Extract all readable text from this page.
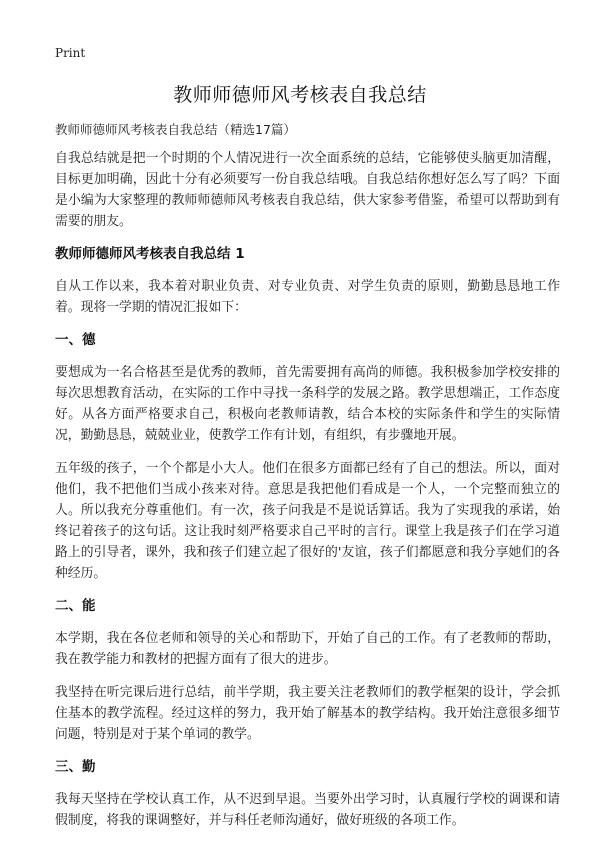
Print
教师师德师风考核表自我总结
教师师德师风考核表自我总结（精选17篇）

自我总结就是把一个时期的个人情况进行一次全面系统的总结，它能够使头脑更加清醒，目标更加明确，因此十分有必须要写一份自我总结哦。自我总结你想好怎么写了吗？下面是小编为大家整理的教师师德师风考核表自我总结，供大家参考借鉴，希望可以帮助到有需要的朋友。

教师师德师风考核表自我总结 1

自从工作以来，我本着对职业负责、对专业负责、对学生负责的原则，勤勤恳恳地工作着。现将一学期的情况汇报如下：

一、德

要想成为一名合格甚至是优秀的教师，首先需要拥有高尚的师德。我积极参加学校安排的每次思想教育活动，在实际的工作中寻找一条科学的发展之路。教学思想端正，工作态度好。从各方面严格要求自己，积极向老教师请教，结合本校的实际条件和学生的实际情况，勤勤恳恳，兢兢业业，使教学工作有计划，有组织，有步骤地开展。

五年级的孩子，一个个都是小大人。他们在很多方面都已经有了自己的想法。所以，面对他们，我不把他们当成小孩来对待。意思是我把他们看成是一个人，一个完整而独立的人。所以我充分尊重他们。有一次，孩子问我是不是说话算话。我为了实现我的承诺，始终记着孩子的这句话。这让我时刻严格要求自己平时的言行。课堂上我是孩子们在学习道路上的引导者，课外，我和孩子们建立起了很好的'友谊，孩子们都愿意和我分享她们的各种经历。

二、能

本学期，我在各位老师和领导的关心和帮助下，开始了自己的工作。有了老教师的帮助，我在教学能力和教材的把握方面有了很大的进步。

我坚持在听完课后进行总结，前半学期，我主要关注老教师们的教学框架的设计，学会抓住基本的教学流程。经过这样的努力，我开始了解基本的教学结构。我开始注意很多细节问题，特别是对于某个单词的教学。

三、勤

我每天坚持在学校认真工作，从不迟到早退。当要外出学习时，认真履行学校的调课和请假制度，将我的课调整好，并与科任老师沟通好，做好班级的各项工作。
